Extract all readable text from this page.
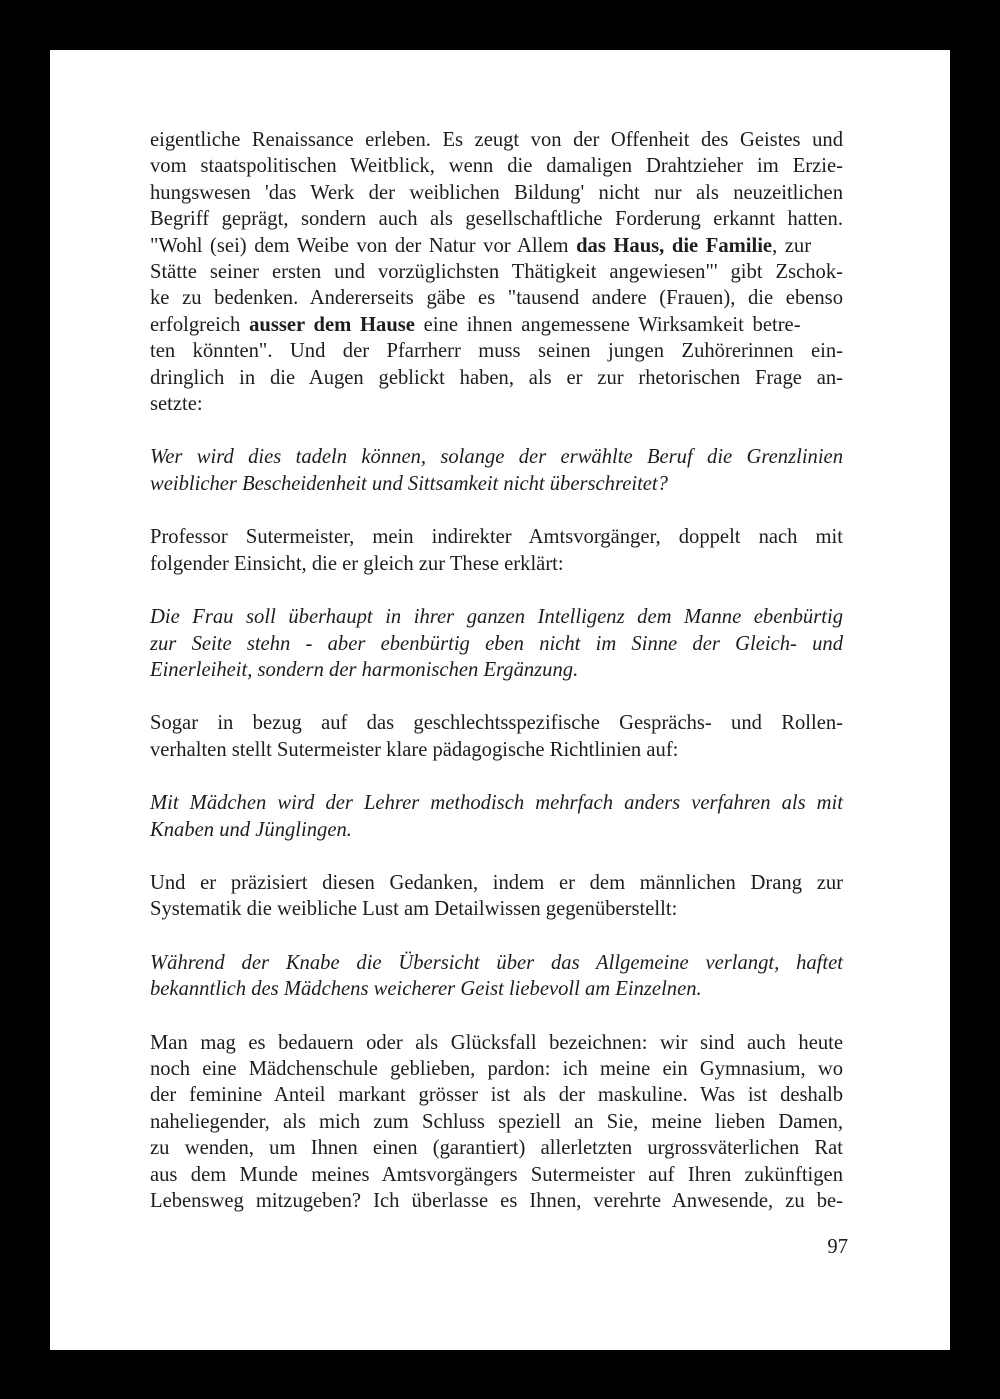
eigentliche Renaissance erleben. Es zeugt von der Offenheit des Geistes und
vom staatspolitischen Weitblick, wenn die damaligen Drahtzieher im Erzie-
hungswesen 'das Werk der weiblichen Bildung' nicht nur als neuzeitlichen
Begriff geprägt, sondern auch als gesellschaftliche Forderung erkannt hatten.
"Wohl (sei) dem Weibe von der Natur vor Allem das Haus, die Familie, zur
Stätte seiner ersten und vorzüglichsten Thätigkeit angewiesen"' gibt Zschok-
ke zu bedenken. Andererseits gäbe es "tausend andere (Frauen), die ebenso
erfolgreich ausser dem Hause eine ihnen angemessene Wirksamkeit betre-
ten könnten". Und der Pfarrherr muss seinen jungen Zuhörerinnen ein-
dringlich in die Augen geblickt haben, als er zur rhetorischen Frage an-
setzte:

Wer wird dies tadeln können, solange der erwählte Beruf die Grenzlinien
weiblicher Bescheidenheit und Sittsamkeit nicht überschreitet?

Professor Sutermeister, mein indirekter Amtsvorgänger, doppelt nach mit
folgender Einsicht, die er gleich zur These erklärt:

Die Frau soll überhaupt in ihrer ganzen Intelligenz dem Manne ebenbürtig
zur Seite stehn - aber ebenbürtig eben nicht im Sinne der Gleich- und
Einerleiheit, sondern der harmonischen Ergänzung.

Sogar in bezug auf das geschlechtsspezifische Gesprächs- und Rollen-
verhalten stellt Sutermeister klare pädagogische Richtlinien auf:

Mit Mädchen wird der Lehrer methodisch mehrfach anders verfahren als mit
Knaben und Jünglingen.

Und er präzisiert diesen Gedanken, indem er dem männlichen Drang zur
Systematik die weibliche Lust am Detailwissen gegenüberstellt:

Während der Knabe die Übersicht über das Allgemeine verlangt, haftet
bekanntlich des Mädchens weicherer Geist liebevoll am Einzelnen.

Man mag es bedauern oder als Glücksfall bezeichnen: wir sind auch heute
noch eine Mädchenschule geblieben, pardon: ich meine ein Gymnasium, wo
der feminine Anteil markant grösser ist als der maskuline. Was ist deshalb
naheliegender, als mich zum Schluss speziell an Sie, meine lieben Damen,
zu wenden, um Ihnen einen (garantiert) allerletzten urgrossväterlichen Rat
aus dem Munde meines Amtsvorgängers Sutermeister auf Ihren zukünftigen
Lebensweg mitzugeben? Ich überlasse es Ihnen, verehrte Anwesende, zu be-

97
